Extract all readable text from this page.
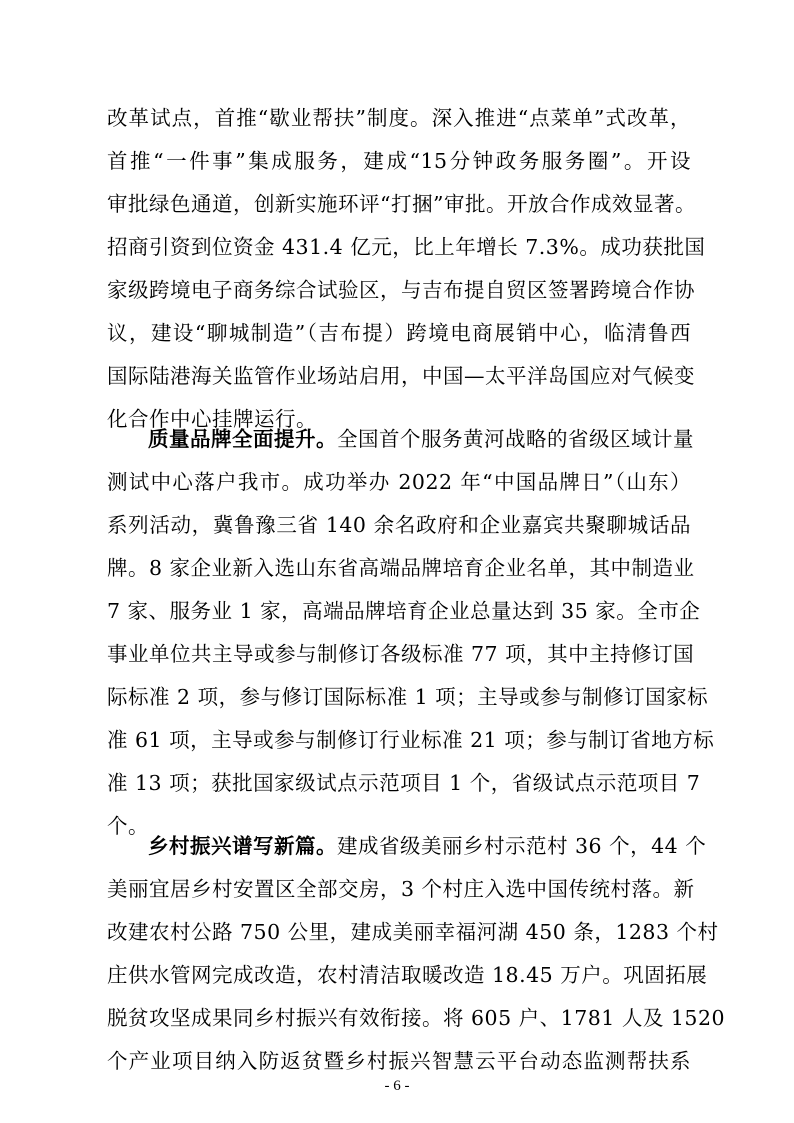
改革试点，首推“歇业帮扶”制度。深入推进“点菜单”式改革，
首推“一件事”集成服务，建成“15分钟政务服务圈”。开设
审批绿色通道，创新实施环评“打捆”审批。开放合作成效显著。
招商引资到位资金 431.4 亿元，比上年增长 7.3%。成功获批国
家级跨境电子商务综合试验区，与吉布提自贸区签署跨境合作协
议，建设“聊城制造”（吉布提）跨境电商展销中心，临清鲁西
国际陆港海关监管作业场站启用，中国—太平洋岛国应对气候变
化合作中心挂牌运行。
质量品牌全面提升。全国首个服务黄河战略的省级区域计量
测试中心落户我市。成功举办 2022 年“中国品牌日”（山东）
系列活动，冀鲁豫三省 140 余名政府和企业嘉宾共聚聊城话品
牌。8 家企业新入选山东省高端品牌培育企业名单，其中制造业
7 家、服务业 1 家，高端品牌培育企业总量达到 35 家。全市企
事业单位共主导或参与制修订各级标准 77 项，其中主持修订国
际标准 2 项，参与修订国际标准 1 项；主导或参与制修订国家标
准 61 项，主导或参与制修订行业标准 21 项；参与制订省地方标
准 13 项；获批国家级试点示范项目 1 个，省级试点示范项目 7
个。
乡村振兴谱写新篇。建成省级美丽乡村示范村 36 个，44 个
美丽宜居乡村安置区全部交房，3 个村庄入选中国传统村落。新
改建农村公路 750 公里，建成美丽幸福河湖 450 条，1283 个村
庄供水管网完成改造，农村清洁取暖改造 18.45 万户。巩固拓展
脱贫攻坚成果同乡村振兴有效衔接。将 605 户、1781 人及 1520
个产业项目纳入防返贫暨乡村振兴智慧云平台动态监测帮扶系
- 6 -
